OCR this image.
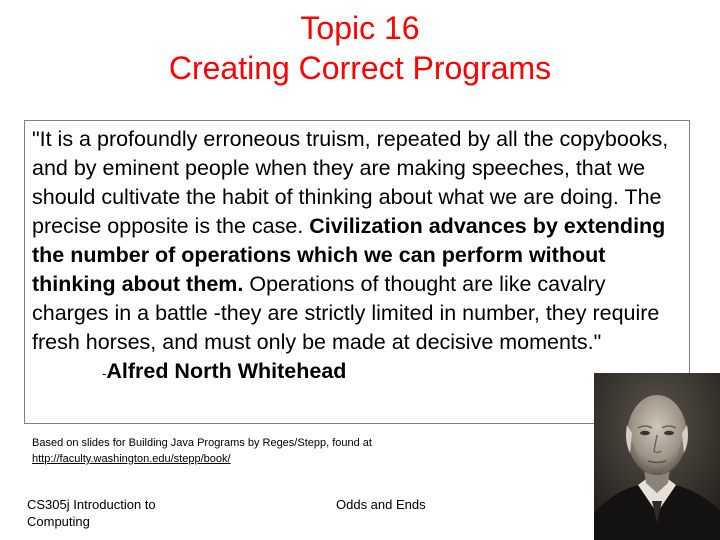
Topic 16
Creating Correct Programs

"It is a profoundly erroneous truism, repeated by all the copybooks, and by eminent people when they are making speeches, that we should cultivate the habit of thinking about what we are doing. The precise opposite is the case. Civilization advances by extending the number of operations which we can perform without thinking about them. Operations of thought are like cavalry charges in a battle -they are strictly limited in number, they require fresh horses, and must only be made at decisive moments."

-Alfred North Whitehead

Based on slides for Building Java Programs by Reges/Stepp, found at
http://faculty.washington.edu/stepp/book/
CS305j Introduction to Computing
Odds and Ends
